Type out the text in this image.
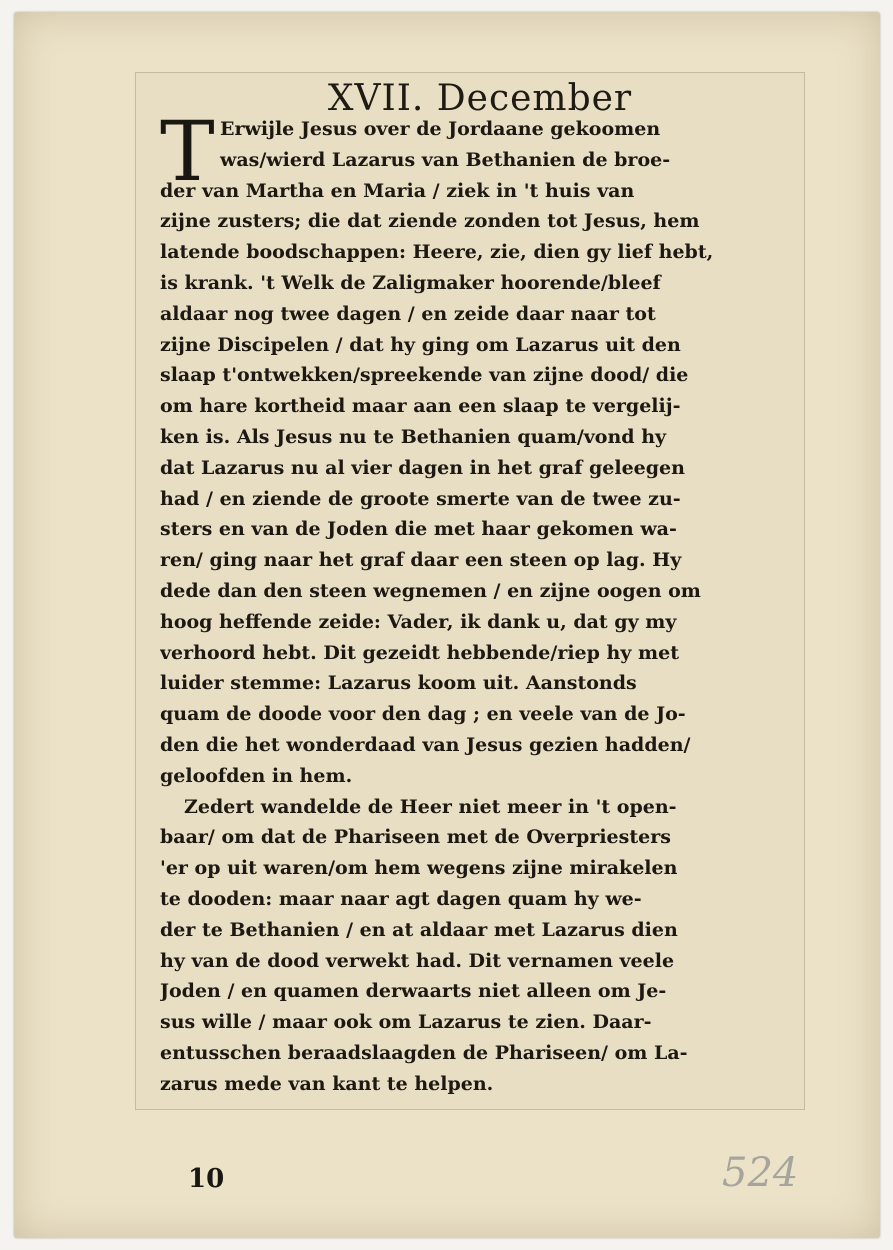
XVII. December
T Erwijle Jesus over de Jordaane gekoomen
was/wierd Lazarus van Bethanien de broe-
der van Martha en Maria / ziek in 't huis van
zijne zusters; die dat ziende zonden tot Jesus, hem
latende boodschappen: Heere, zie, dien gy lief hebt,
is krank. 't Welk de Zaligmaker hoorende/bleef
aldaar nog twee dagen / en zeide daar naar tot
zijne Discipelen / dat hy ging om Lazarus uit den
slaap t'ontwekken/spreekende van zijne dood/ die
om hare kortheid maar aan een slaap te vergelij-
ken is. Als Jesus nu te Bethanien quam/vond hy
dat Lazarus nu al vier dagen in het graf geleegen
had / en ziende de groote smerte van de twee zu-
sters en van de Joden die met haar gekomen wa-
ren/ ging naar het graf daar een steen op lag. Hy
dede dan den steen wegnemen / en zijne oogen om
hoog heffende zeide: Vader, ik dank u, dat gy my
verhoord hebt. Dit gezeidt hebbende/riep hy met
luider stemme: Lazarus koom uit. Aanstonds
quam de doode voor den dag ; en veele van de Jo-
den die het wonderdaad van Jesus gezien hadden/
geloofden in hem.
Zedert wandelde de Heer niet meer in 't open-
baar/ om dat de Phariseen met de Overpriesters
'er op uit waren/om hem wegens zijne mirakelen
te dooden: maar naar agt dagen quam hy we-
der te Bethanien / en at aldaar met Lazarus dien
hy van de dood verwekt had. Dit vernamen veele
Joden / en quamen derwaarts niet alleen om Je-
sus wille / maar ook om Lazarus te zien. Daar-
entusschen beraadslaagden de Phariseen/ om La-
zarus mede van kant te helpen.
10	524
